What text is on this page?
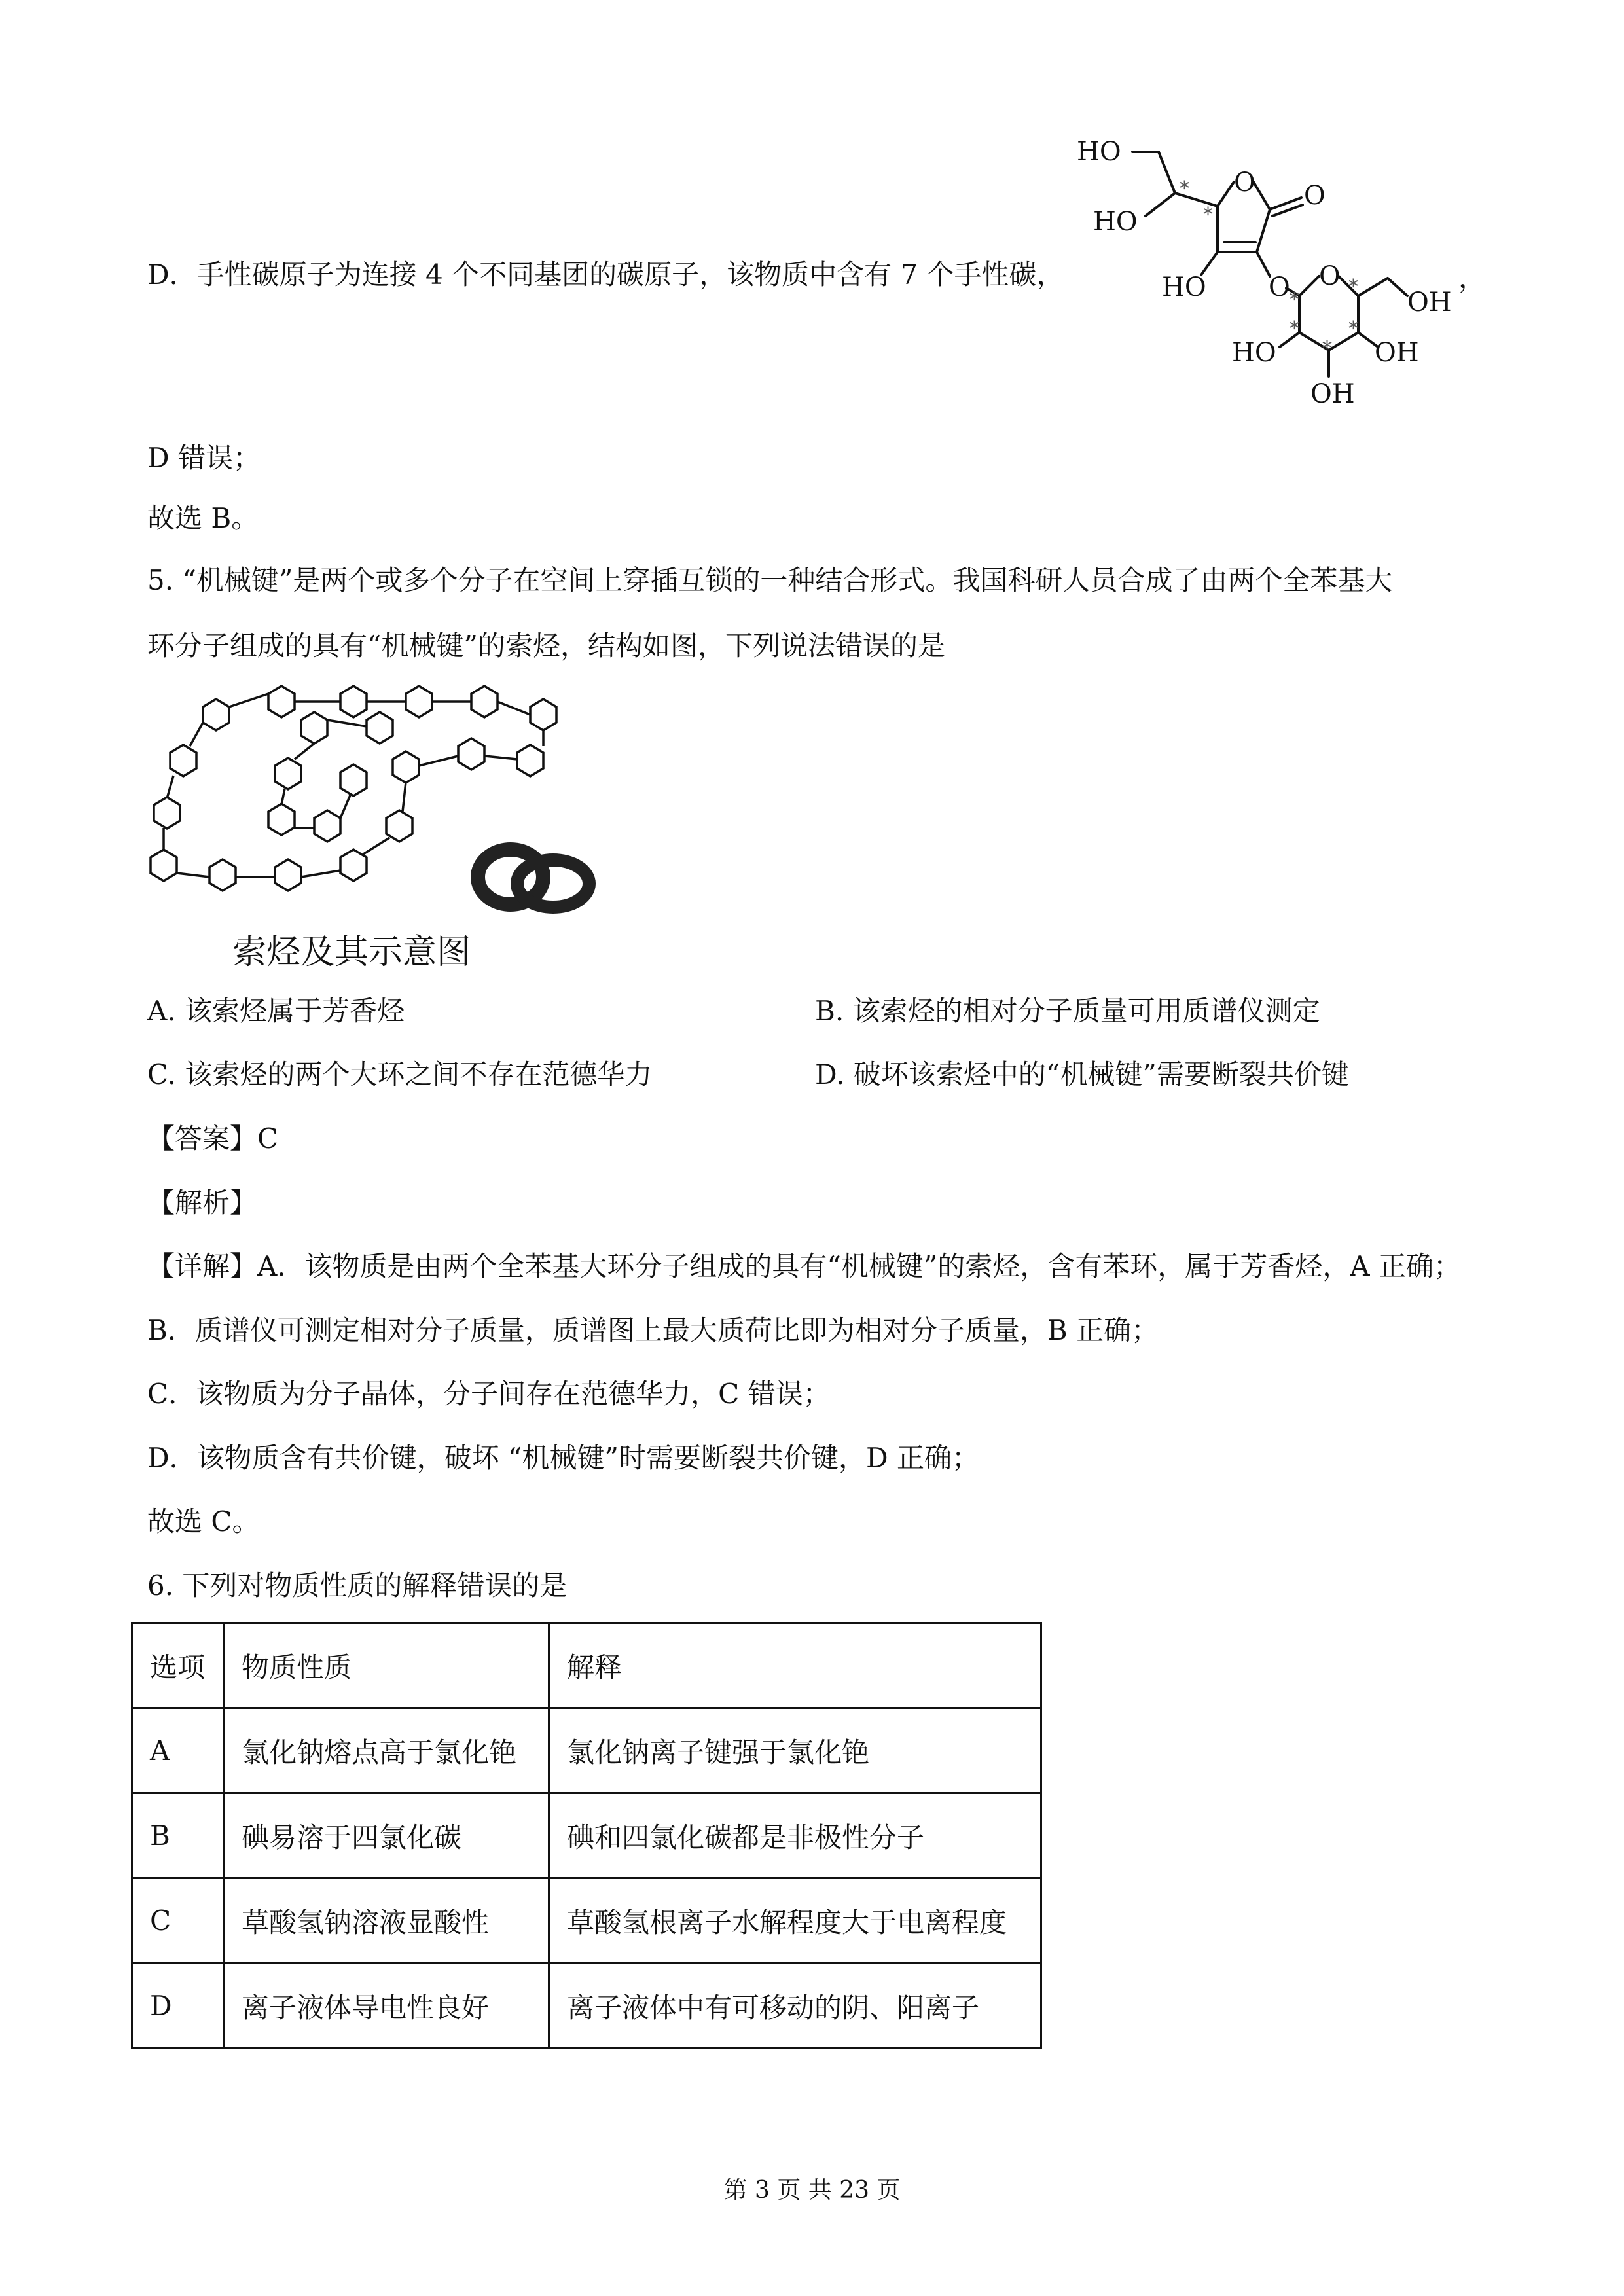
D．手性碳原子为连接 4 个不同基团的碳原子，该物质中含有 7 个手性碳，
HO
HO
O O
HO O O
OH
HO	OH
OH
*
*
*
*
*	*
*
，
D 错误；
故选 B。
5. “机械键”是两个或多个分子在空间上穿插互锁的一种结合形式。我国科研人员合成了由两个全苯基大
环分子组成的具有“机械键”的索烃，结构如图，下列说法错误的是
索烃及其示意图
A. 该索烃属于芳香烃	B. 该索烃的相对分子质量可用质谱仪测定
C. 该索烃的两个大环之间不存在范德华力	D. 破坏该索烃中的“机械键”需要断裂共价键
【答案】C
【解析】
【详解】A．该物质是由两个全苯基大环分子组成的具有“机械键”的索烃，含有苯环，属于芳香烃，A 正确；
B．质谱仪可测定相对分子质量，质谱图上最大质荷比即为相对分子质量，B 正确；
C．该物质为分子晶体，分子间存在范德华力，C 错误；
D．该物质含有共价键，破坏 “机械键”时需要断裂共价键，D 正确；
故选 C。
6. 下列对物质性质的解释错误的是
选项	物质性质	解释
A	氯化钠熔点高于氯化铯	氯化钠离子键强于氯化铯
B	碘易溶于四氯化碳	碘和四氯化碳都是非极性分子
C	草酸氢钠溶液显酸性	草酸氢根离子水解程度大于电离程度
D	离子液体导电性良好	离子液体中有可移动的阴、阳离子
第 3 页 共 23 页
